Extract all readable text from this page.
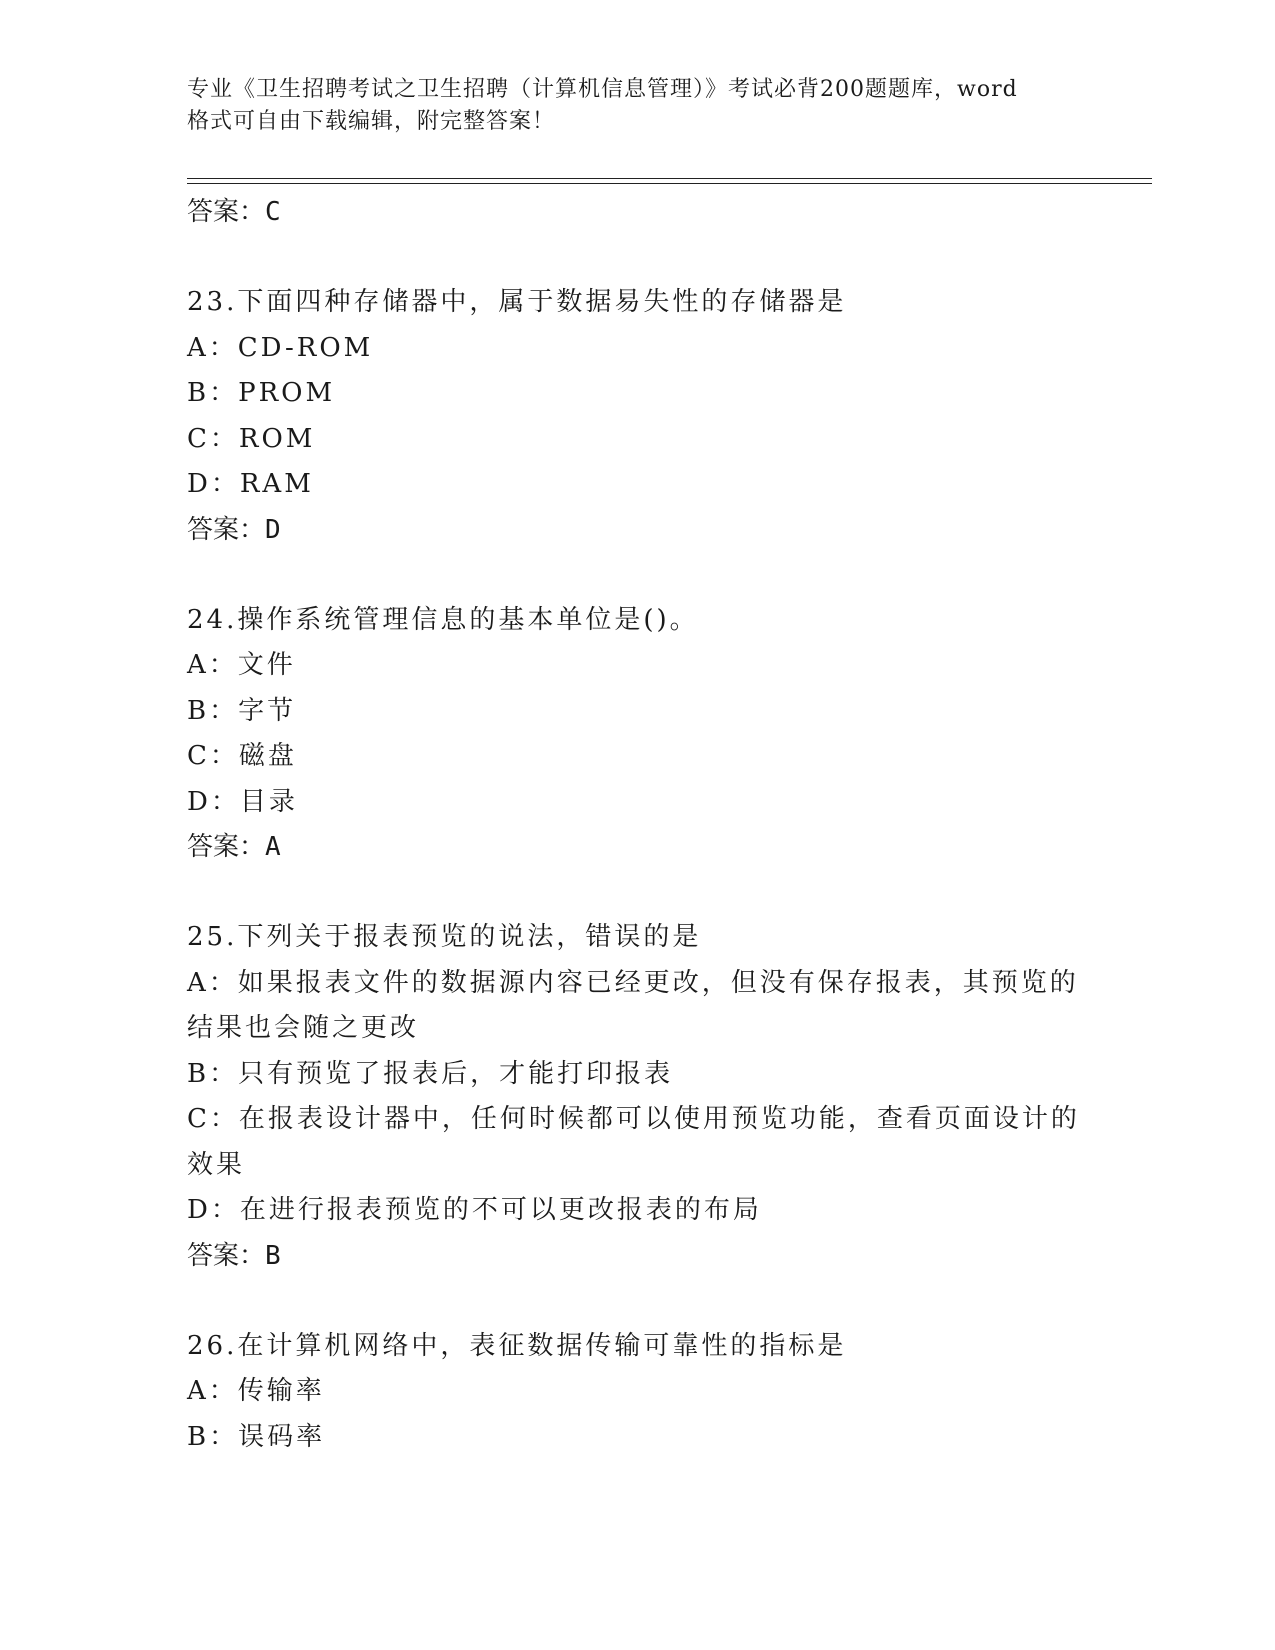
专业《卫生招聘考试之卫生招聘（计算机信息管理）》考试必背200题题库，word
格式可自由下载编辑，附完整答案！

答案：C

23.下面四种存储器中，属于数据易失性的存储器是

A：CD-ROM

B：PROM

C：ROM

D：RAM

答案：D

24.操作系统管理信息的基本单位是()。

A：文件

B：字节

C：磁盘

D：目录

答案：A

25.下列关于报表预览的说法，错误的是

A：如果报表文件的数据源内容已经更改，但没有保存报表，其预览的

结果也会随之更改

B：只有预览了报表后，才能打印报表

C：在报表设计器中，任何时候都可以使用预览功能，查看页面设计的

效果

D：在进行报表预览的不可以更改报表的布局

答案：B

26.在计算机网络中，表征数据传输可靠性的指标是

A：传输率

B：误码率
